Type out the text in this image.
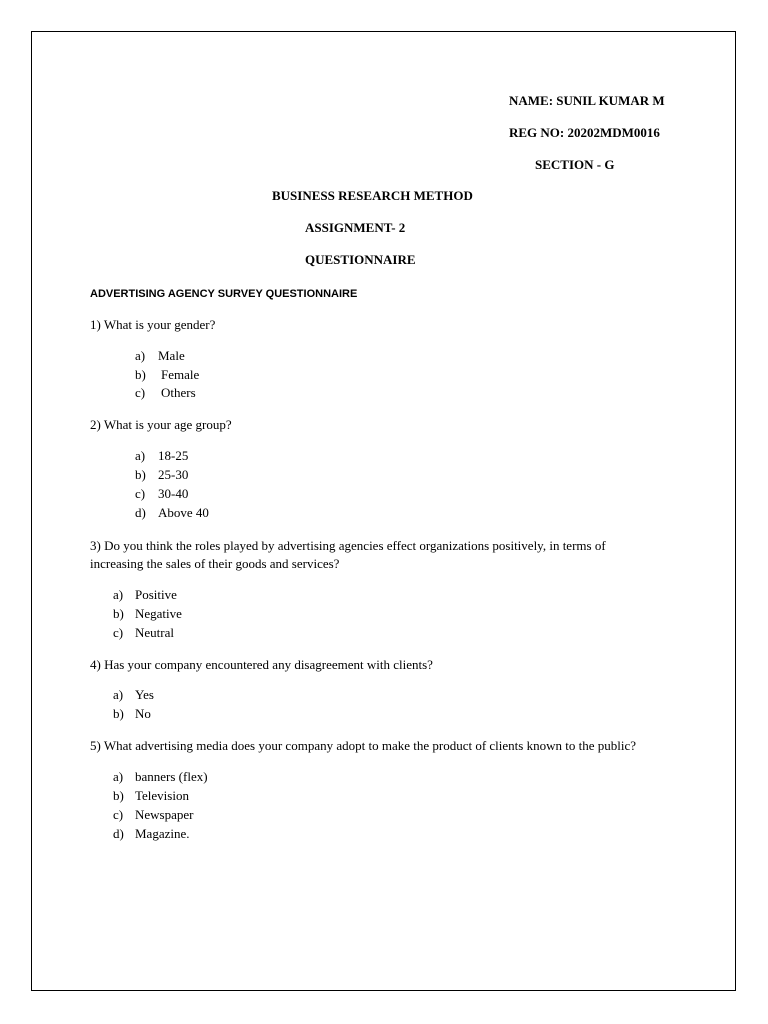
NAME: SUNIL KUMAR M
REG NO: 20202MDM0016
SECTION - G
BUSINESS RESEARCH METHOD
ASSIGNMENT- 2
QUESTIONNAIRE
ADVERTISING AGENCY SURVEY QUESTIONNAIRE
1) What is your gender?
a) Male
b) Female
c) Others
2) What is your age group?
a) 18-25
b) 25-30
c) 30-40
d) Above 40
3) Do you think the roles played by advertising agencies effect organizations positively, in terms of
increasing the sales of their goods and services?
a) Positive
b) Negative
c) Neutral
4) Has your company encountered any disagreement with clients?
a) Yes
b) No
5) What advertising media does your company adopt to make the product of clients known to the public?
a) banners (flex)
b) Television
c) Newspaper
d) Magazine.
